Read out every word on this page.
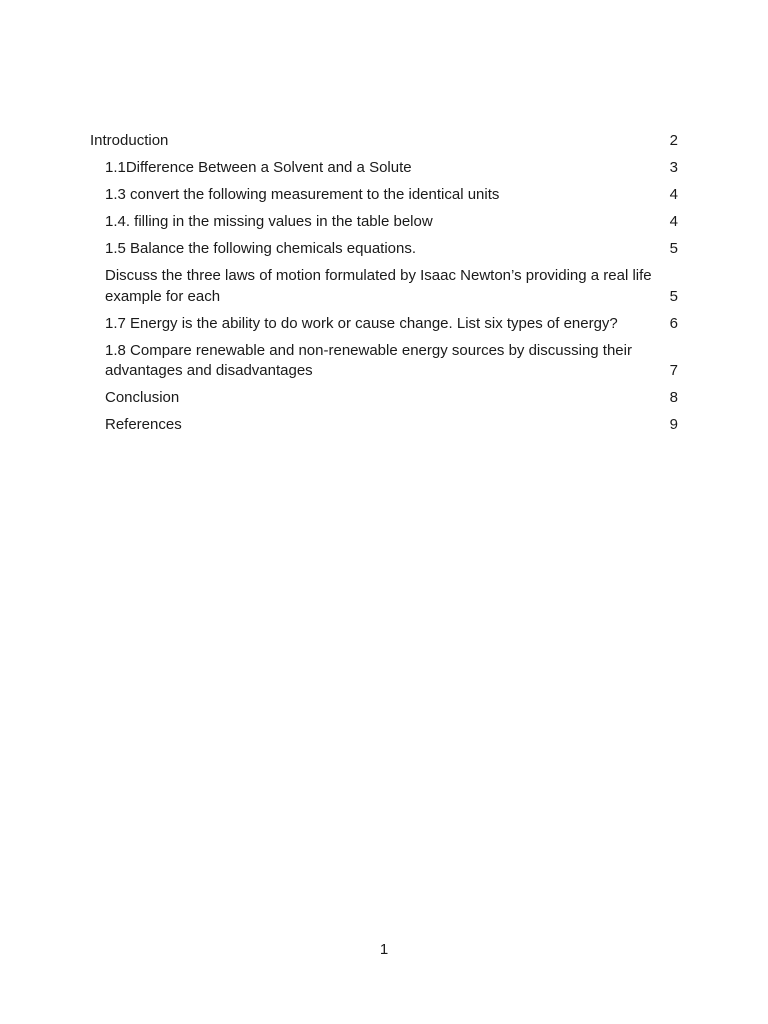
Introduction	2
1.1Difference Between a Solvent and a Solute	3
1.3 convert the following measurement to the identical units	4
1.4. filling in the missing values in the table below	4
1.5 Balance the following chemicals equations.	5
Discuss the three laws of motion formulated by Isaac Newton’s providing a real life example for each	5
1.7 Energy is the ability to do work or cause change. List six types of energy?	6
1.8 Compare renewable and non-renewable energy sources by discussing their advantages and disadvantages	7
Conclusion	8
References	9
1
